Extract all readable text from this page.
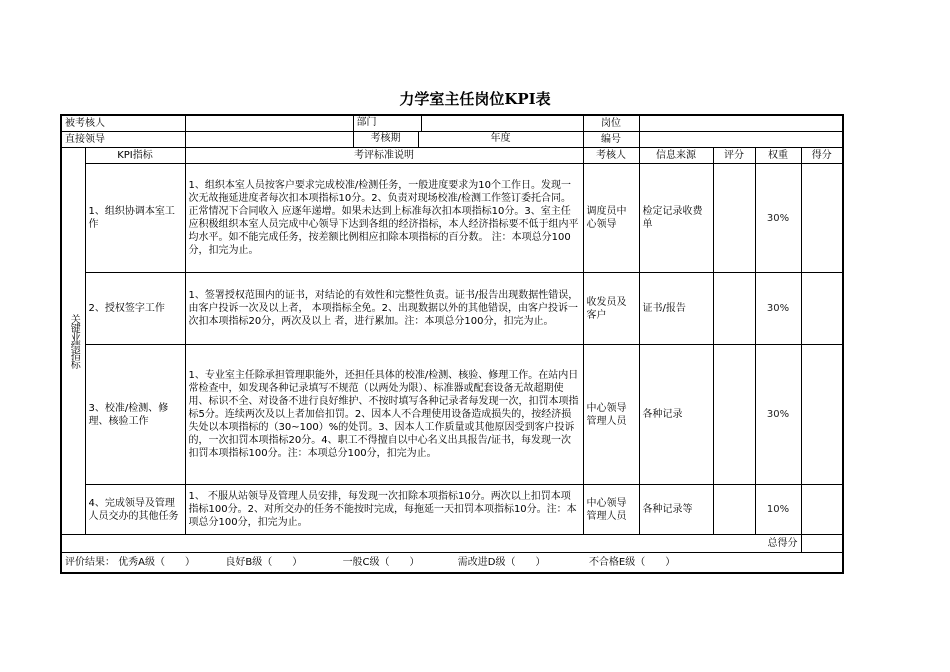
力学室主任岗位KPI表
被考核人		部门	岗位				
直接领导		考核期 年度	编号				

关键业绩指标	KPI指标	考评标准说明	考核人	信息来源	评分	权重	得分
	1、组织协调本室工作	1、组织本室人员按客户要求完成校准/检测任务，一般进度要求为10个工作日。发现一次无故拖延进度者每次扣本项指标10分。2、负责对现场校准/检测工作签订委托合同。正常情况下合同收入 应逐年递增。如果未达到上标准每次扣本项指标10分。3、室主任应积极组织本室人员完成中心领导下达到各组的经济指标，本人经济指标要不低于组内平均水平。如不能完成任务，按差额比例相应扣除本项指标的百分数。 注：本项总分100分，扣完为止。	调度员中心领导	检定记录收费单		30%	
	2、授权签字工作	1、签署授权范围内的证书，对结论的有效性和完整性负责。证书/报告出现数据性错误，由客户投诉一次及以上者， 本项指标全免。2、出现数据以外的其他错误，由客户投诉一次扣本项指标20分，两次及以上 者，进行累加。注：本项总分100分，扣完为止。	收发员及客户	证书/报告		30%	
	3、校准/检测、修理、核验工作	1、专业室主任除承担管理职能外，还担任具体的校准/检测、核验、修理工作。在站内日常检查中，如发现各种记录填写不规范（以两处为限）、标准器或配套设备无故超期使用、标识不全、对设备不进行良好维护、不按时填写各种记录者每发现一次，扣罚本项指标5分。连续两次及以上者加倍扣罚。2、因本人不合理使用设备造成损失的，按经济损失处以本项指标的（30~100）%的处罚。3、因本人工作质量或其他原因受到客户投诉的，一次扣罚本项指标20分。4、职工不得擅自以中心名义出具报告/证书，每发现一次扣罚本项指标100分。注：本项总分100分，扣完为止。	中心领导管理人员	各种记录		30%	
	4、完成领导及管理人员交办的其他任务	1、 不服从站领导及管理人员安排，每发现一次扣除本项指标10分。两次以上扣罚本项指标100分。2、对所交办的任务不能按时完成，每拖延一天扣罚本项指标10分。注：本项总分100分，扣完为止。	中心领导管理人员	各种记录等		10%	
总得分							
评价结果： 优秀A级（　　） 良好B级（　　） 一般C级（　　） 需改进D级（　　） 不合格E级（　　）							
